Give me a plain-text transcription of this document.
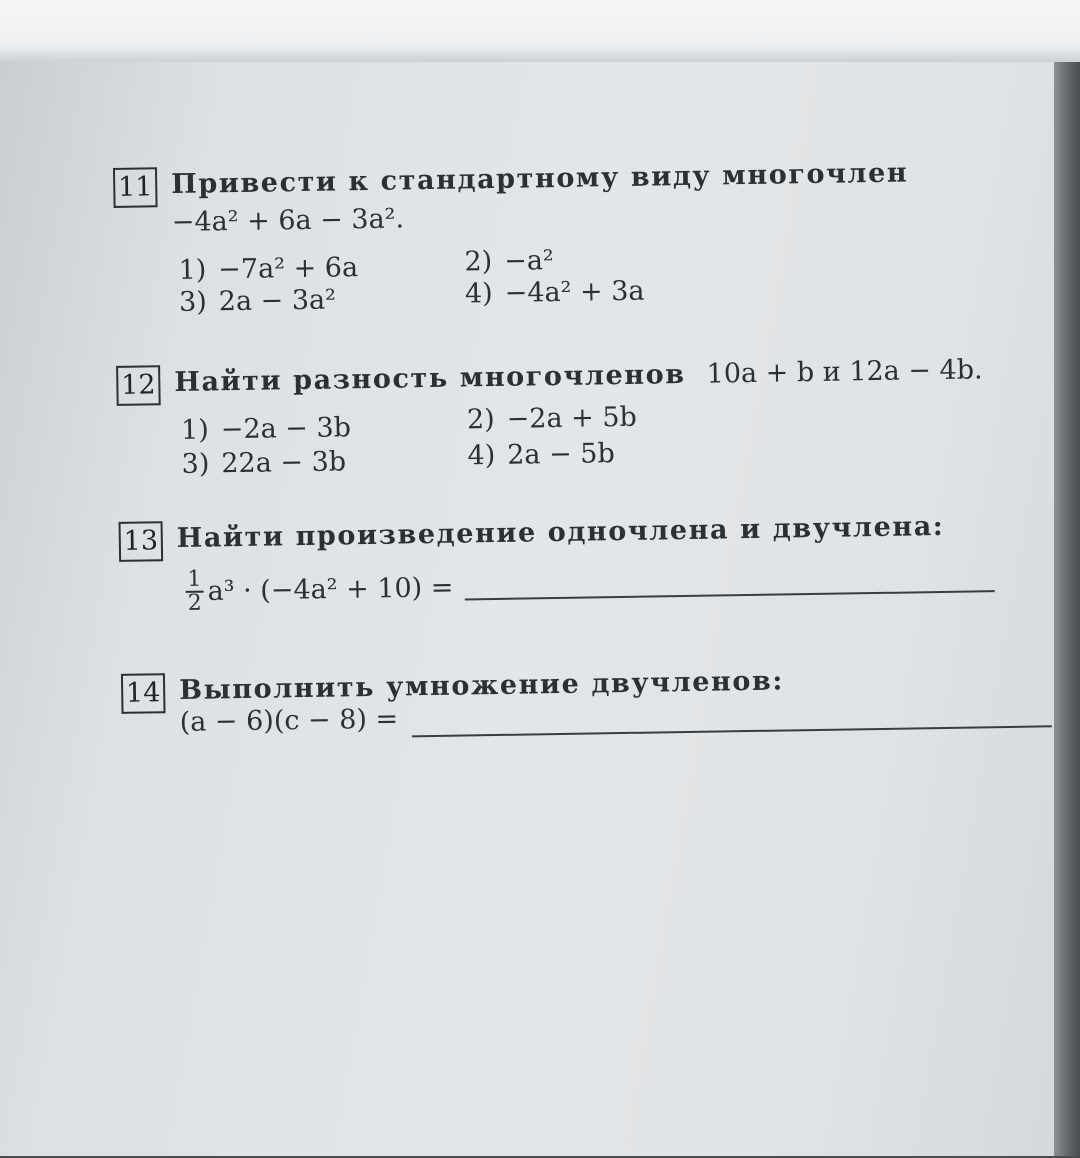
11 Привести к стандартному виду многочлен
−4a² + 6a − 3a².
1) −7a² + 6a	2) −a²
3) 2a − 3a²	4) −4a² + 3a
12 Найти разность многочленов 10a + b и 12a − 4b.
1) −2a − 3b	2) −2a + 5b
3) 22a − 3b	4) 2a − 5b
13 Найти произведение одночлена и двучлена:
$\frac{1}{2} a^3 \cdot (-4a^2 + 10)$ =
14 Выполнить умножение двучленов:
(a − 6)(c − 8) =
